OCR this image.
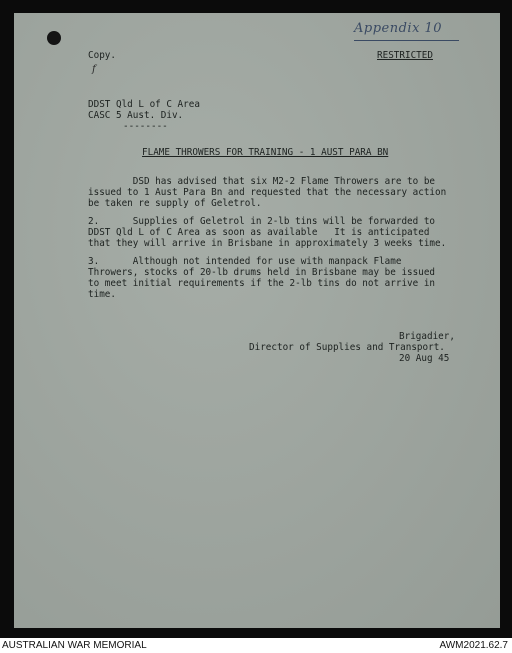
Appendix 10
Copy.
f
RESTRICTED
DDST Qld L of C Area
CASC 5 Aust. Div.
--------
FLAME THROWERS FOR TRAINING - 1 AUST PARA BN
DSD has advised that six M2-2 Flame Throwers are to be
issued to 1 Aust Para Bn and requested that the necessary action
be taken re supply of Geletrol.
2.      Supplies of Geletrol in 2-lb tins will be forwarded to
DDST Qld L of C Area as soon as available   It is anticipated
that they will arrive in Brisbane in approximately 3 weeks time.
3.      Although not intended for use with manpack Flame
Throwers, stocks of 20-lb drums held in Brisbane may be issued
to meet initial requirements if the 2-lb tins do not arrive in
time.
Brigadier,
Director of Supplies and Transport.
20 Aug 45
AUSTRALIAN WAR MEMORIAL	AWM2021.62.7
